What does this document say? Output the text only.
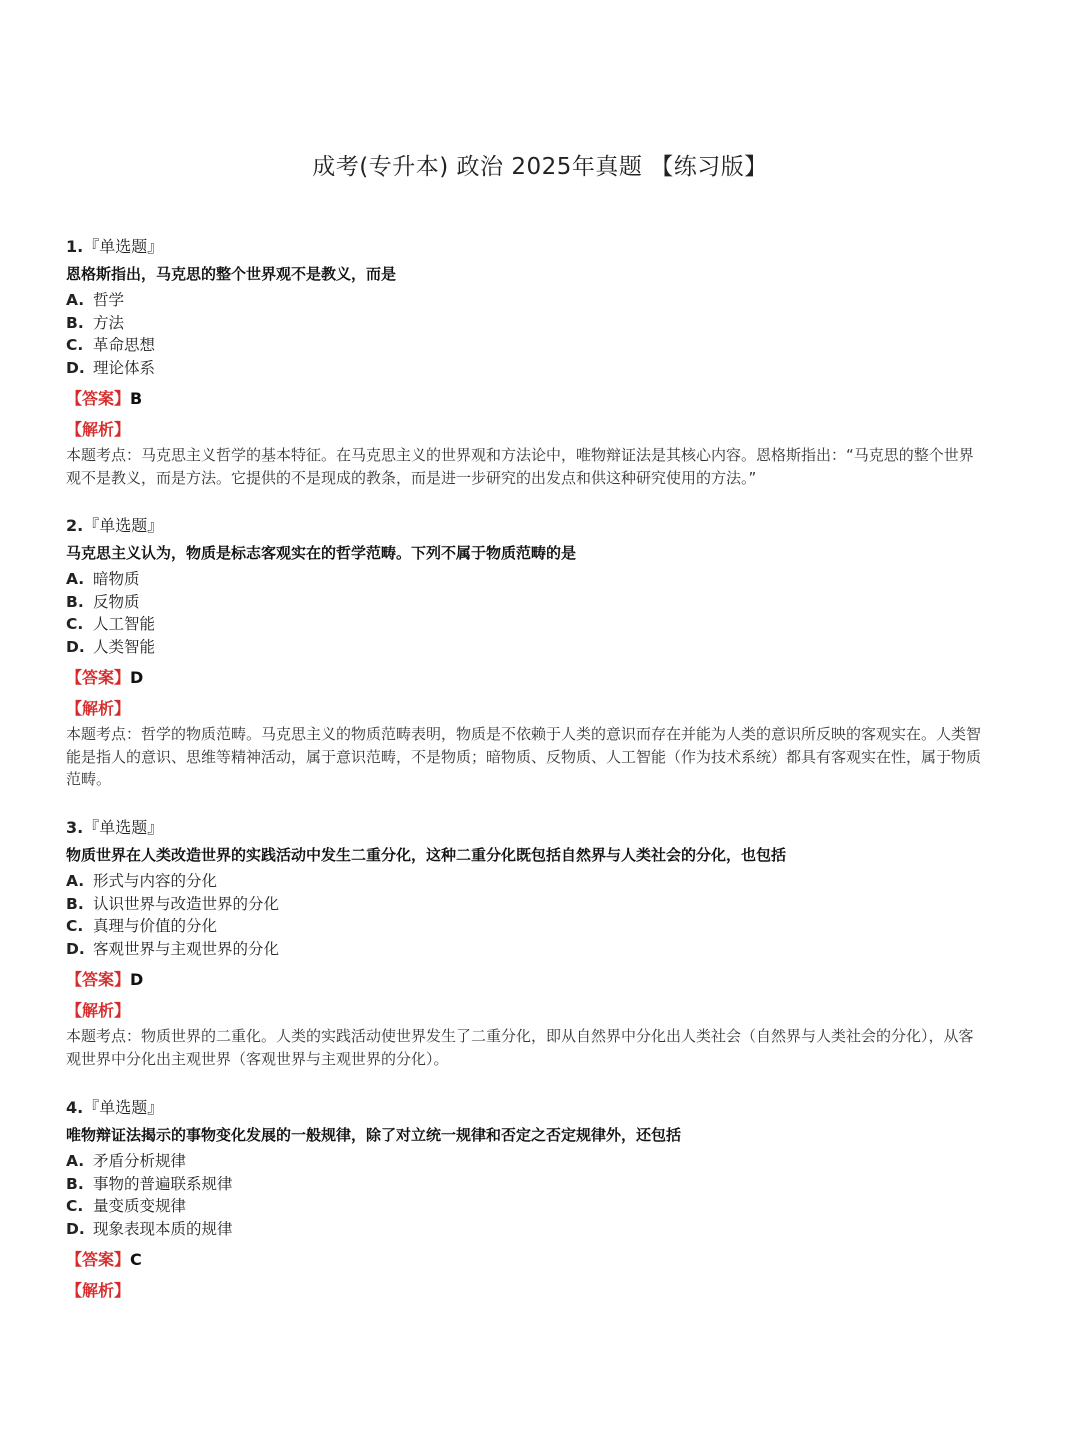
成考(专升本) 政治 2025年真题 【练习版】
1.『单选题』
恩格斯指出，马克思的整个世界观不是教义，而是
A. 哲学
B. 方法
C. 革命思想
D. 理论体系
【答案】B
【解析】
本题考点：马克思主义哲学的基本特征。在马克思主义的世界观和方法论中，唯物辩证法是其核心内容。恩格斯指出：“马克思的整个世界观不是教义，而是方法。它提供的不是现成的教条，而是进一步研究的出发点和供这种研究使用的方法。”
2.『单选题』
马克思主义认为，物质是标志客观实在的哲学范畴。下列不属于物质范畴的是
A. 暗物质
B. 反物质
C. 人工智能
D. 人类智能
【答案】D
【解析】
本题考点：哲学的物质范畴。马克思主义的物质范畴表明，物质是不依赖于人类的意识而存在并能为人类的意识所反映的客观实在。人类智能是指人的意识、思维等精神活动，属于意识范畴，不是物质；暗物质、反物质、人工智能（作为技术系统）都具有客观实在性，属于物质范畴。
3.『单选题』
物质世界在人类改造世界的实践活动中发生二重分化，这种二重分化既包括自然界与人类社会的分化，也包括
A. 形式与内容的分化
B. 认识世界与改造世界的分化
C. 真理与价值的分化
D. 客观世界与主观世界的分化
【答案】D
【解析】
本题考点：物质世界的二重化。人类的实践活动使世界发生了二重分化，即从自然界中分化出人类社会（自然界与人类社会的分化），从客观世界中分化出主观世界（客观世界与主观世界的分化）。
4.『单选题』
唯物辩证法揭示的事物变化发展的一般规律，除了对立统一规律和否定之否定规律外，还包括
A. 矛盾分析规律
B. 事物的普遍联系规律
C. 量变质变规律
D. 现象表现本质的规律
【答案】C
【解析】
